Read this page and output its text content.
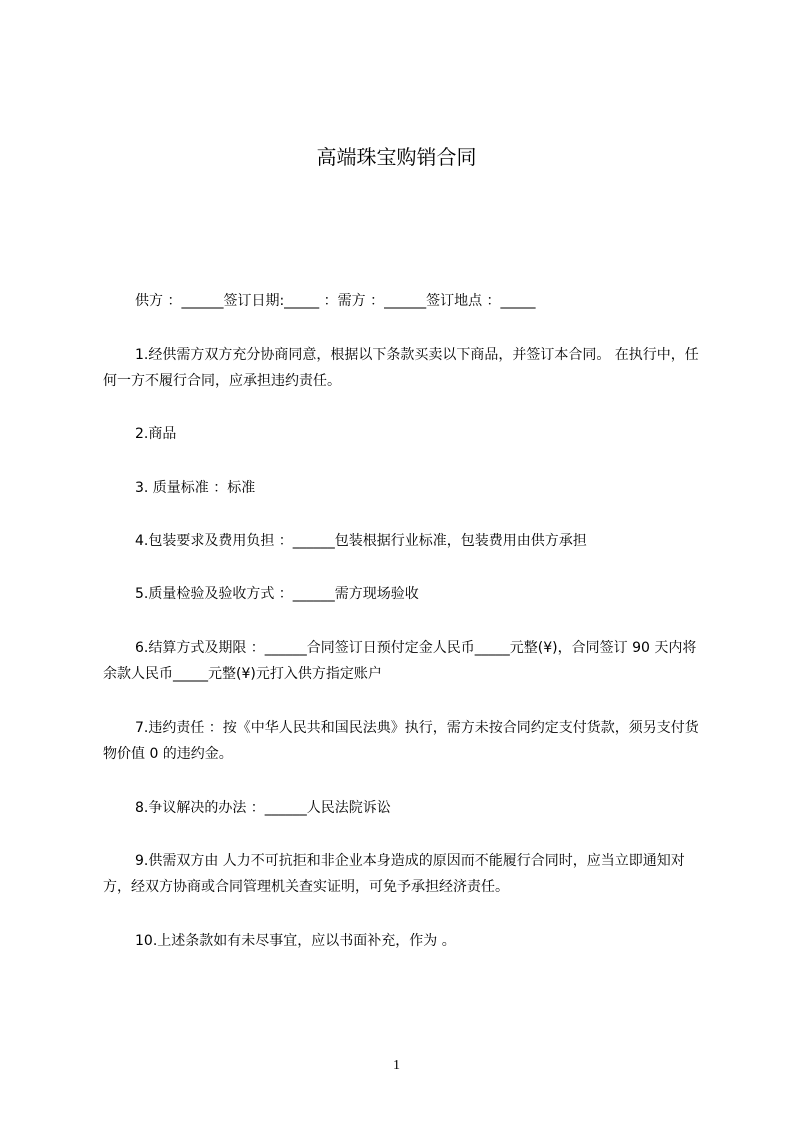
高端珠宝购销合同
供方 ：______签订日期:_____ ：需方 ：______签订地点 ：_____
1.经供需方双方充分协商同意，根据以下条款买卖以下商品，并签订本合同。 在执行中，任何一方不履行合同，应承担违约责任。
2.商品
3. 质量标准 ：标准
4.包装要求及费用负担 ：______包装根据行业标准，包装费用由供方承担
5.质量检验及验收方式 ：______需方现场验收
6.结算方式及期限 ：______合同签订日预付定金人民币_____元整(¥)，合同签订 90 天内将余款人民币_____元整(¥)元打入供方指定账户
7.违约责任 ：按《中华人民共和国民法典》执行，需方未按合同约定支付货款，须另支付货物价值 0 的违约金。
8.争议解决的办法 ：______人民法院诉讼
9.供需双方由 人力不可抗拒和非企业本身造成的原因而不能履行合同时，应当立即通知对方，经双方协商或合同管理机关查实证明，可免予承担经济责任。
10.上述条款如有未尽事宜，应以书面补充，作为 。
1
